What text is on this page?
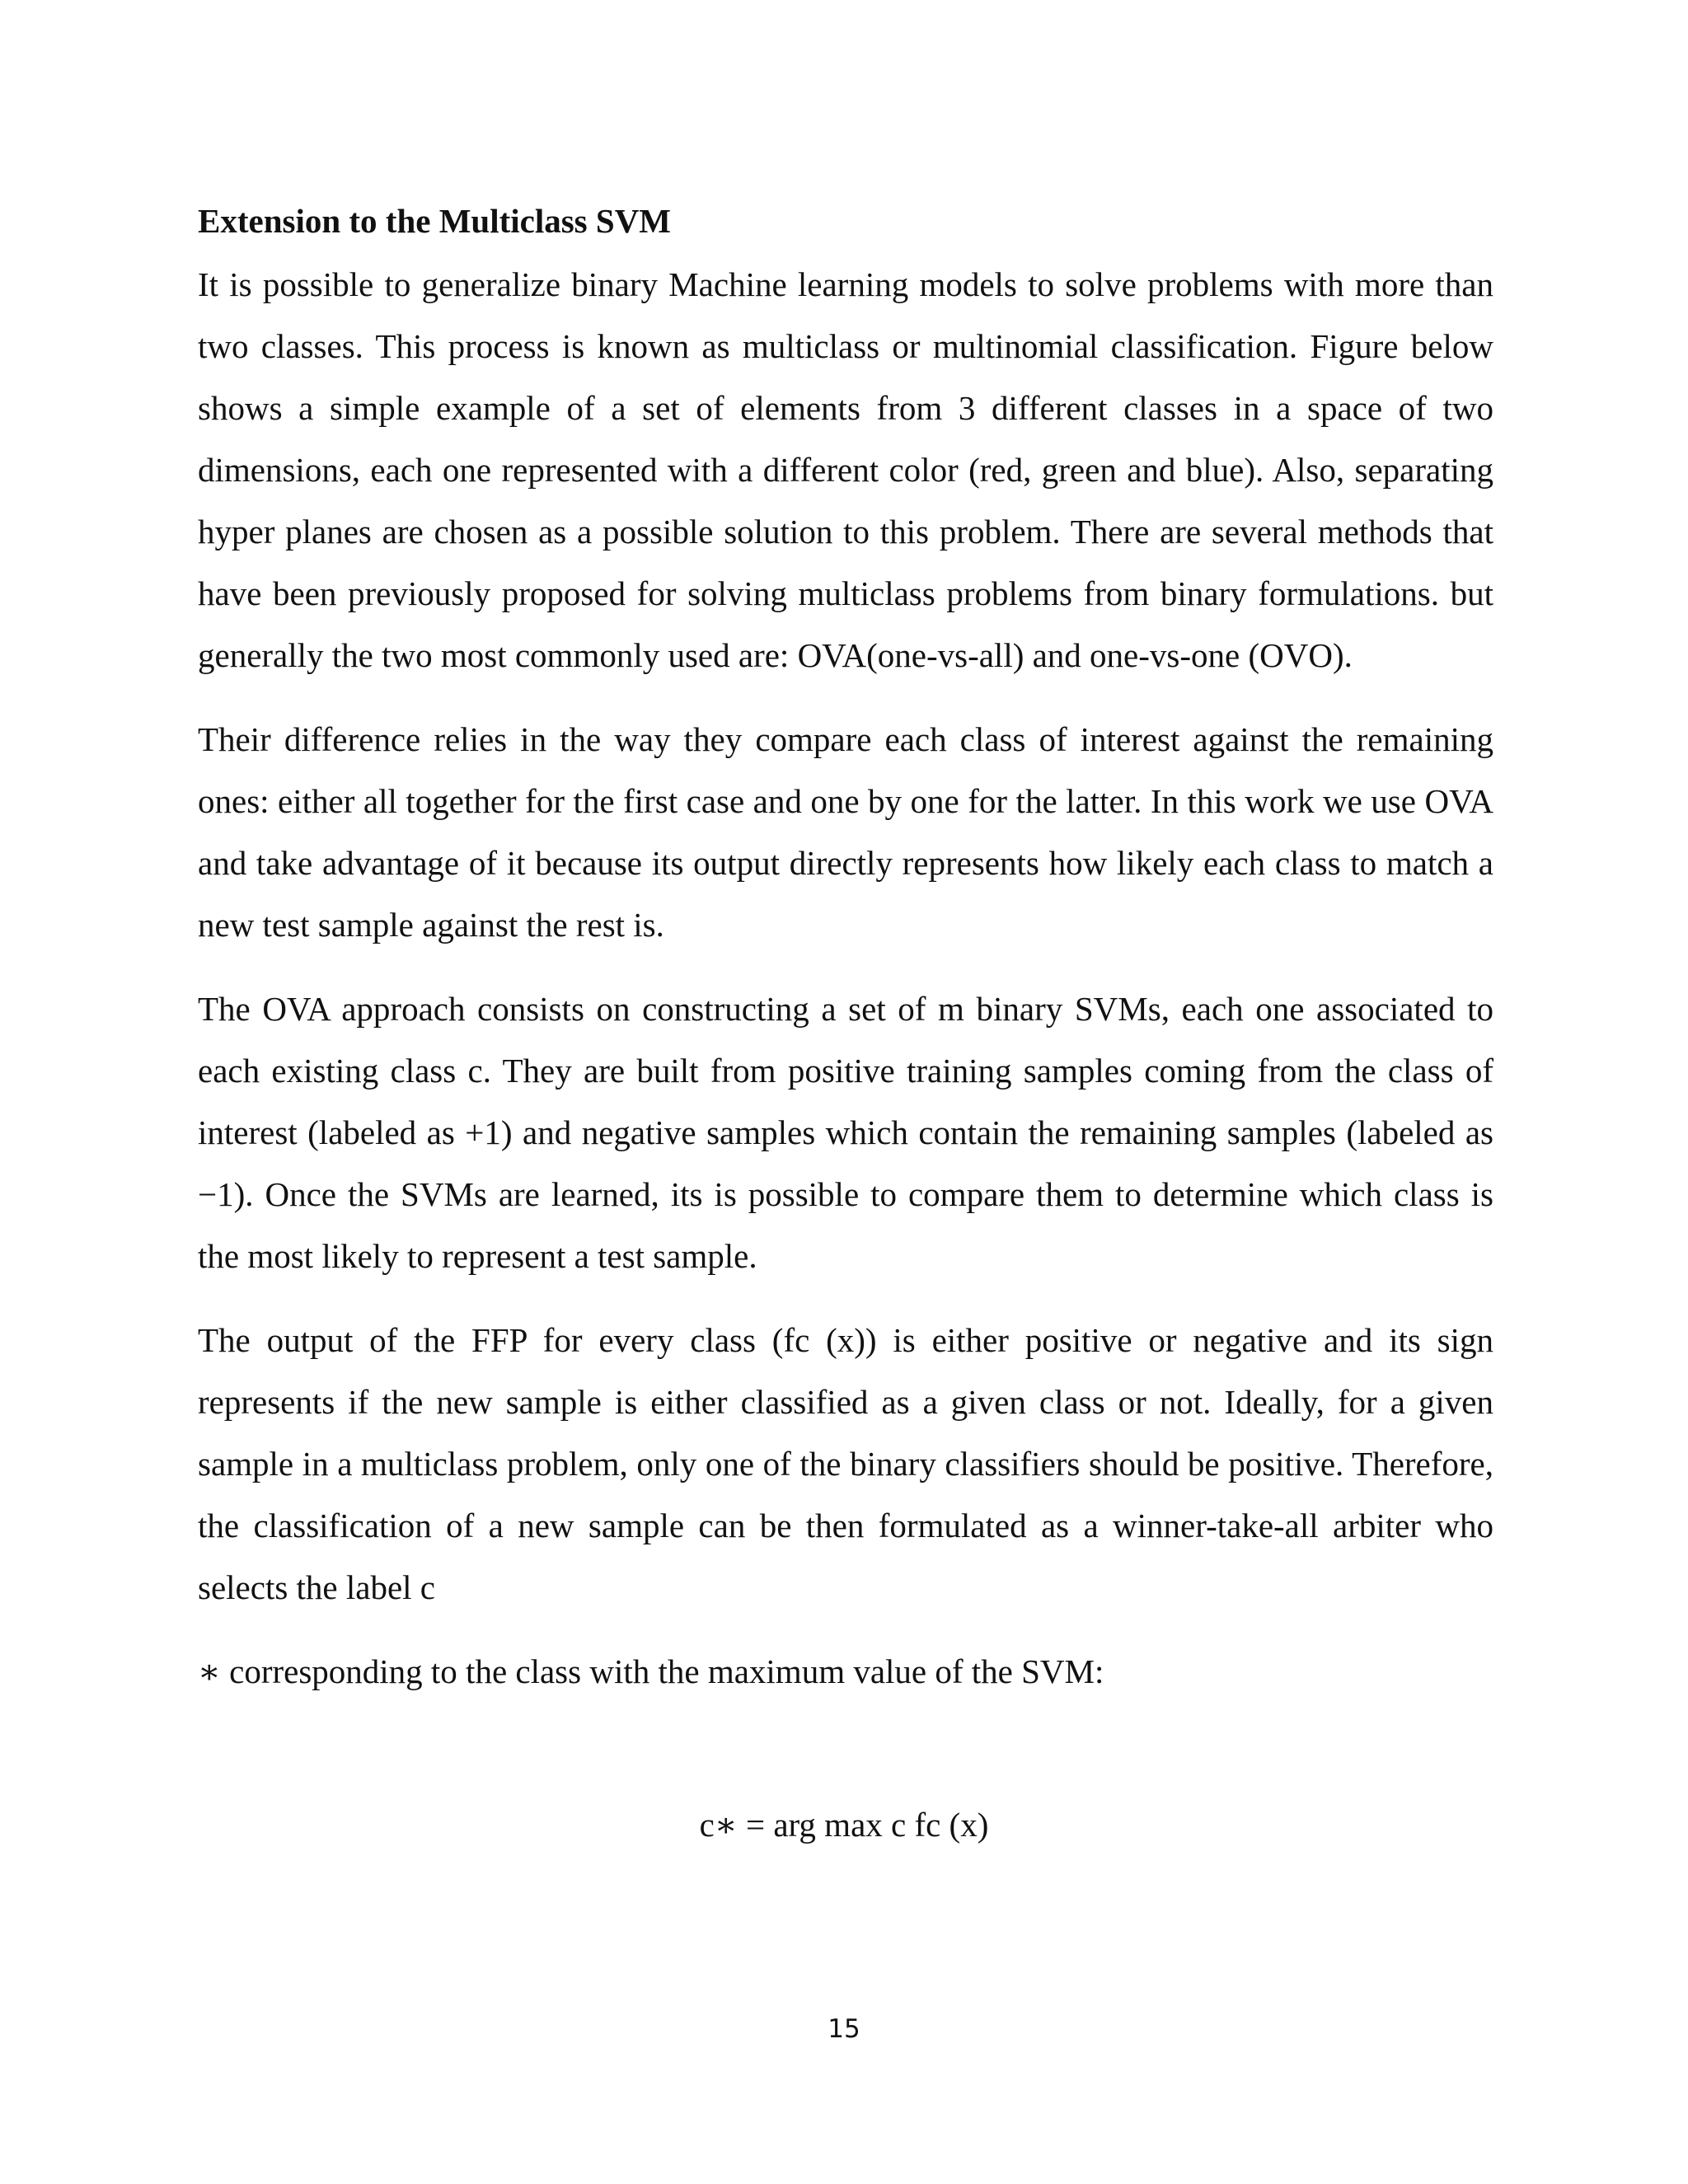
Extension to the Multiclass SVM

It is possible to generalize binary Machine learning models to solve problems with more than two classes. This process is known as multiclass or multinomial classification. Figure below shows a simple example of a set of elements from 3 different classes in a space of two dimensions, each one represented with a different color (red, green and blue). Also, separating hyper planes are chosen as a possible solution to this problem. There are several methods that have been previously proposed for solving multiclass problems from binary formulations. but generally the two most commonly used are: OVA(one-vs-all) and one-vs-one (OVO).

Their difference relies in the way they compare each class of interest against the remaining ones: either all together for the first case and one by one for the latter. In this work we use OVA and take advantage of it because its output directly represents how likely each class to match a new test sample against the rest is.

The OVA approach consists on constructing a set of m binary SVMs, each one associated to each existing class c. They are built from positive training samples coming from the class of interest (labeled as +1) and negative samples which contain the remaining samples (labeled as −1). Once the SVMs are learned, its is possible to compare them to determine which class is the most likely to represent a test sample.

The output of the FFP for every class (fc (x)) is either positive or negative and its sign represents if the new sample is either classified as a given class or not. Ideally, for a given sample in a multiclass problem, only one of the binary classifiers should be positive. Therefore, the classification of a new sample can be then formulated as a winner-take-all arbiter who selects the label c

∗ corresponding to the class with the maximum value of the SVM:

c∗ = arg max c fc (x)
15
